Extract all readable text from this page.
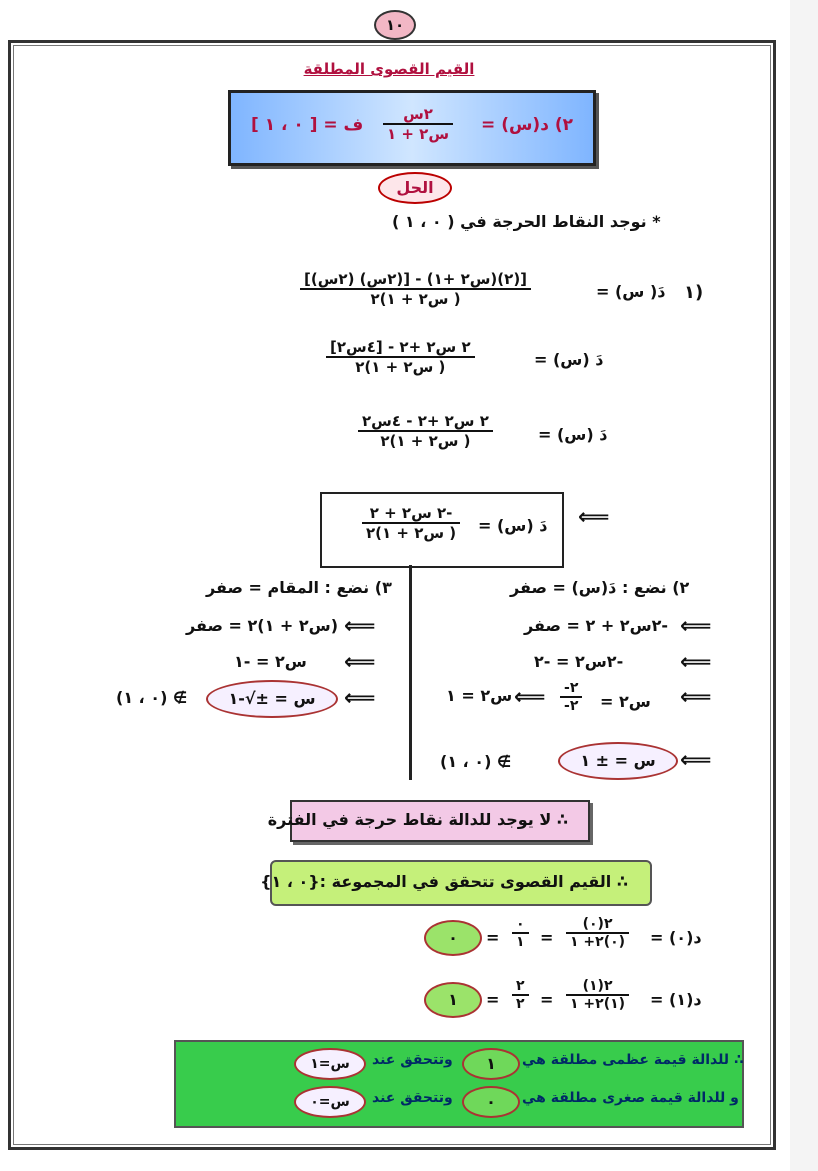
١٠
القيم القصوى المطلقة
٢) د(س) =
٢س
س٢ + ١
ف = [ ٠ ، ١ ]
الحل
* نوجد النقاط الحرجة في ( ٠ ، ١ )
١)
دَ( س) =
[(٢)(س٢ +١) - [(٢س) (٢س)]
( س٢ + ١)٢
دَ (س) =
٢ س٢ +٢ - [٤س٢]
( س٢ + ١)٢
دَ (س) =
٢ س٢ +٢ - ٤س٢
( س٢ + ١)٢
دَ (س) =
-٢ س٢ + ٢
( س٢ + ١)٢
⟸
٢) نضع : دَ(س) = صفر
⟸
-٢س٢ + ٢ = صفر
⟸
-٢س٢ = -٢
⟸
س٢ =
-٢
-٢
⟸
س٢ = ١
⟸
س = ± ١
∌ (٠ ، ١)
٣) نضع : المقام = صفر
⟸
(س٢ + ١)٢ = صفر
⟸
س٢ = -١
⟸
س = ±√-١
∌ (٠ ، ١)
∴ لا يوجد للدالة نقاط حرجة في الفترة
∴ القيم القصوى تتحقق في المجموعة :{٠ ، ١}
د(٠) =
(٠)٢
(٠)٢+ ١
=
٠
١
=
٠
د(١) =
(١)٢
(١)٢+ ١
=
٢
٢
=
١
∴ للدالة قيمة عظمى مطلقة هي
١
وتتحقق عند
س=١
و للدالة قيمة صغرى مطلقة هي
٠
وتتحقق عند
س=٠
